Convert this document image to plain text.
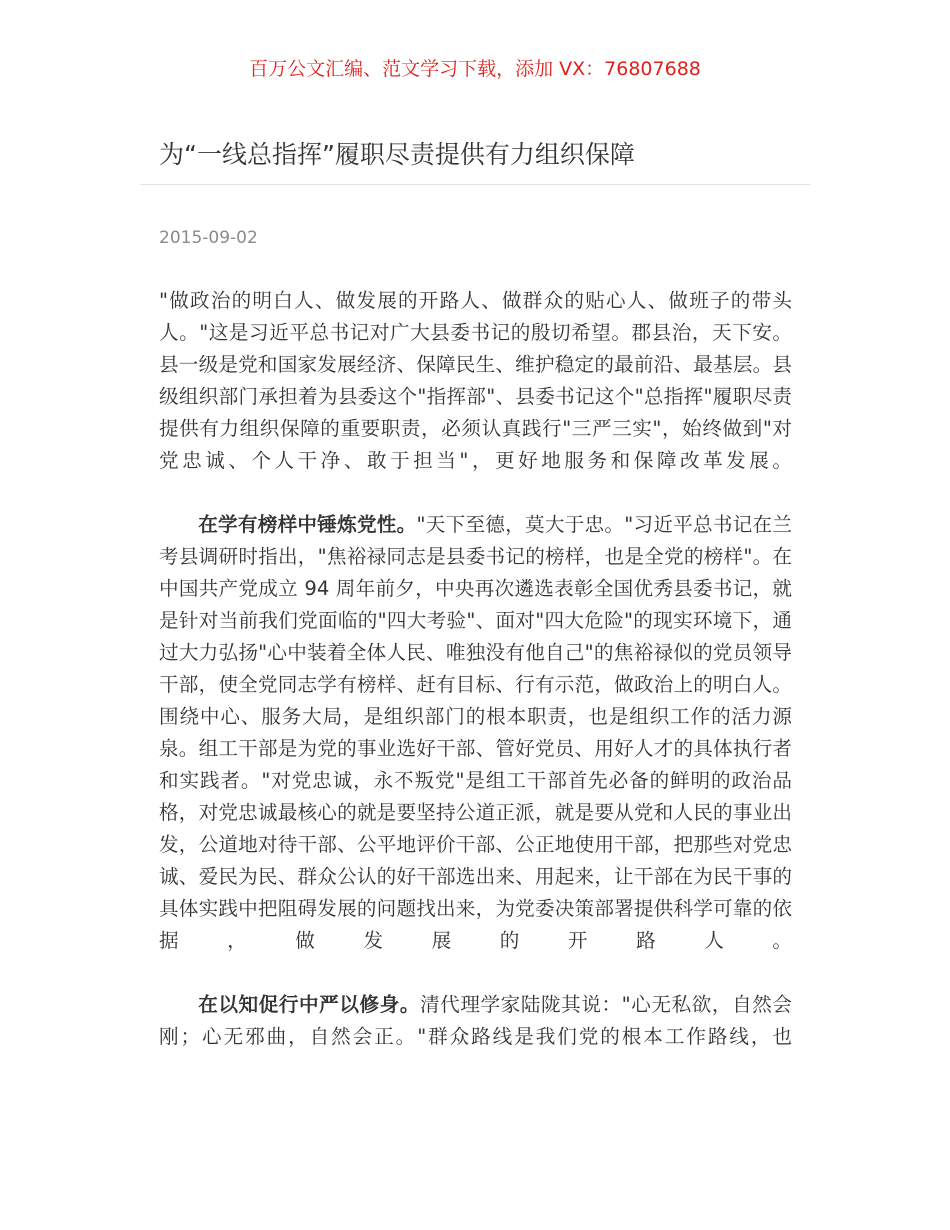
百万公文汇编、范文学习下载，添加 VX：76807688
为“一线总指挥”履职尽责提供有力组织保障
2015-09-02

"做政治的明白人、做发展的开路人、做群众的贴心人、做班子的带头人。"这是习近平总书记对广大县委书记的殷切希望。郡县治，天下安。县一级是党和国家发展经济、保障民生、维护稳定的最前沿、最基层。县级组织部门承担着为县委这个"指挥部"、县委书记这个"总指挥"履职尽责提供有力组织保障的重要职责，必须认真践行"三严三实"，始终做到"对党忠诚、个人干净、敢于担当"，更好地服务和保障改革发展。

在学有榜样中锤炼党性。"天下至德，莫大于忠。"习近平总书记在兰考县调研时指出，"焦裕禄同志是县委书记的榜样，也是全党的榜样"。在中国共产党成立 94 周年前夕，中央再次遴选表彰全国优秀县委书记，就是针对当前我们党面临的"四大考验"、面对"四大危险"的现实环境下，通过大力弘扬"心中装着全体人民、唯独没有他自己"的焦裕禄似的党员领导干部，使全党同志学有榜样、赶有目标、行有示范，做政治上的明白人。围绕中心、服务大局，是组织部门的根本职责，也是组织工作的活力源泉。组工干部是为党的事业选好干部、管好党员、用好人才的具体执行者和实践者。"对党忠诚，永不叛党"是组工干部首先必备的鲜明的政治品格，对党忠诚最核心的就是要坚持公道正派，就是要从党和人民的事业出发，公道地对待干部、公平地评价干部、公正地使用干部，把那些对党忠诚、爱民为民、群众公认的好干部选出来、用起来，让干部在为民干事的具体实践中把阻碍发展的问题找出来，为党委决策部署提供科学可靠的依据，做发展的开路人。

在以知促行中严以修身。清代理学家陆陇其说："心无私欲，自然会刚；心无邪曲，自然会正。"群众路线是我们党的根本工作路线，也
